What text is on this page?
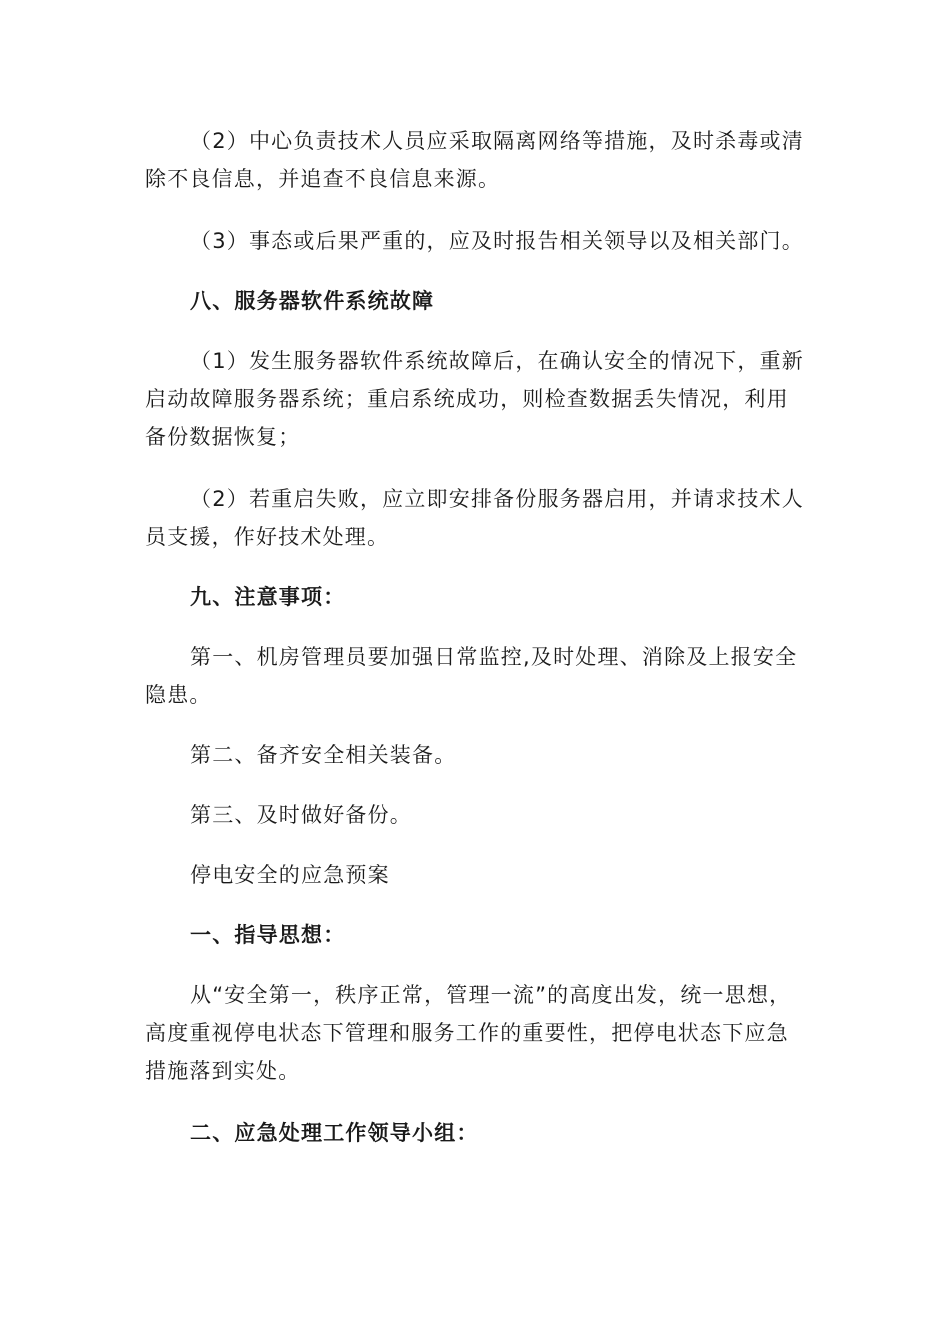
（2）中心负责技术人员应采取隔离网络等措施，及时杀毒或清
除不良信息，并追查不良信息来源。

（3）事态或后果严重的，应及时报告相关领导以及相关部门。

八、服务器软件系统故障

（1）发生服务器软件系统故障后，在确认安全的情况下，重新
启动故障服务器系统；重启系统成功，则检查数据丢失情况，利用
备份数据恢复；

（2）若重启失败，应立即安排备份服务器启用，并请求技术人
员支援，作好技术处理。

九、注意事项：

第一、机房管理员要加强日常监控,及时处理、消除及上报安全
隐患。

第二、备齐安全相关装备。

第三、及时做好备份。

停电安全的应急预案

一、指导思想：

从“安全第一，秩序正常，管理一流”的高度出发，统一思想，
高度重视停电状态下管理和服务工作的重要性，把停电状态下应急
措施落到实处。

二、应急处理工作领导小组：
